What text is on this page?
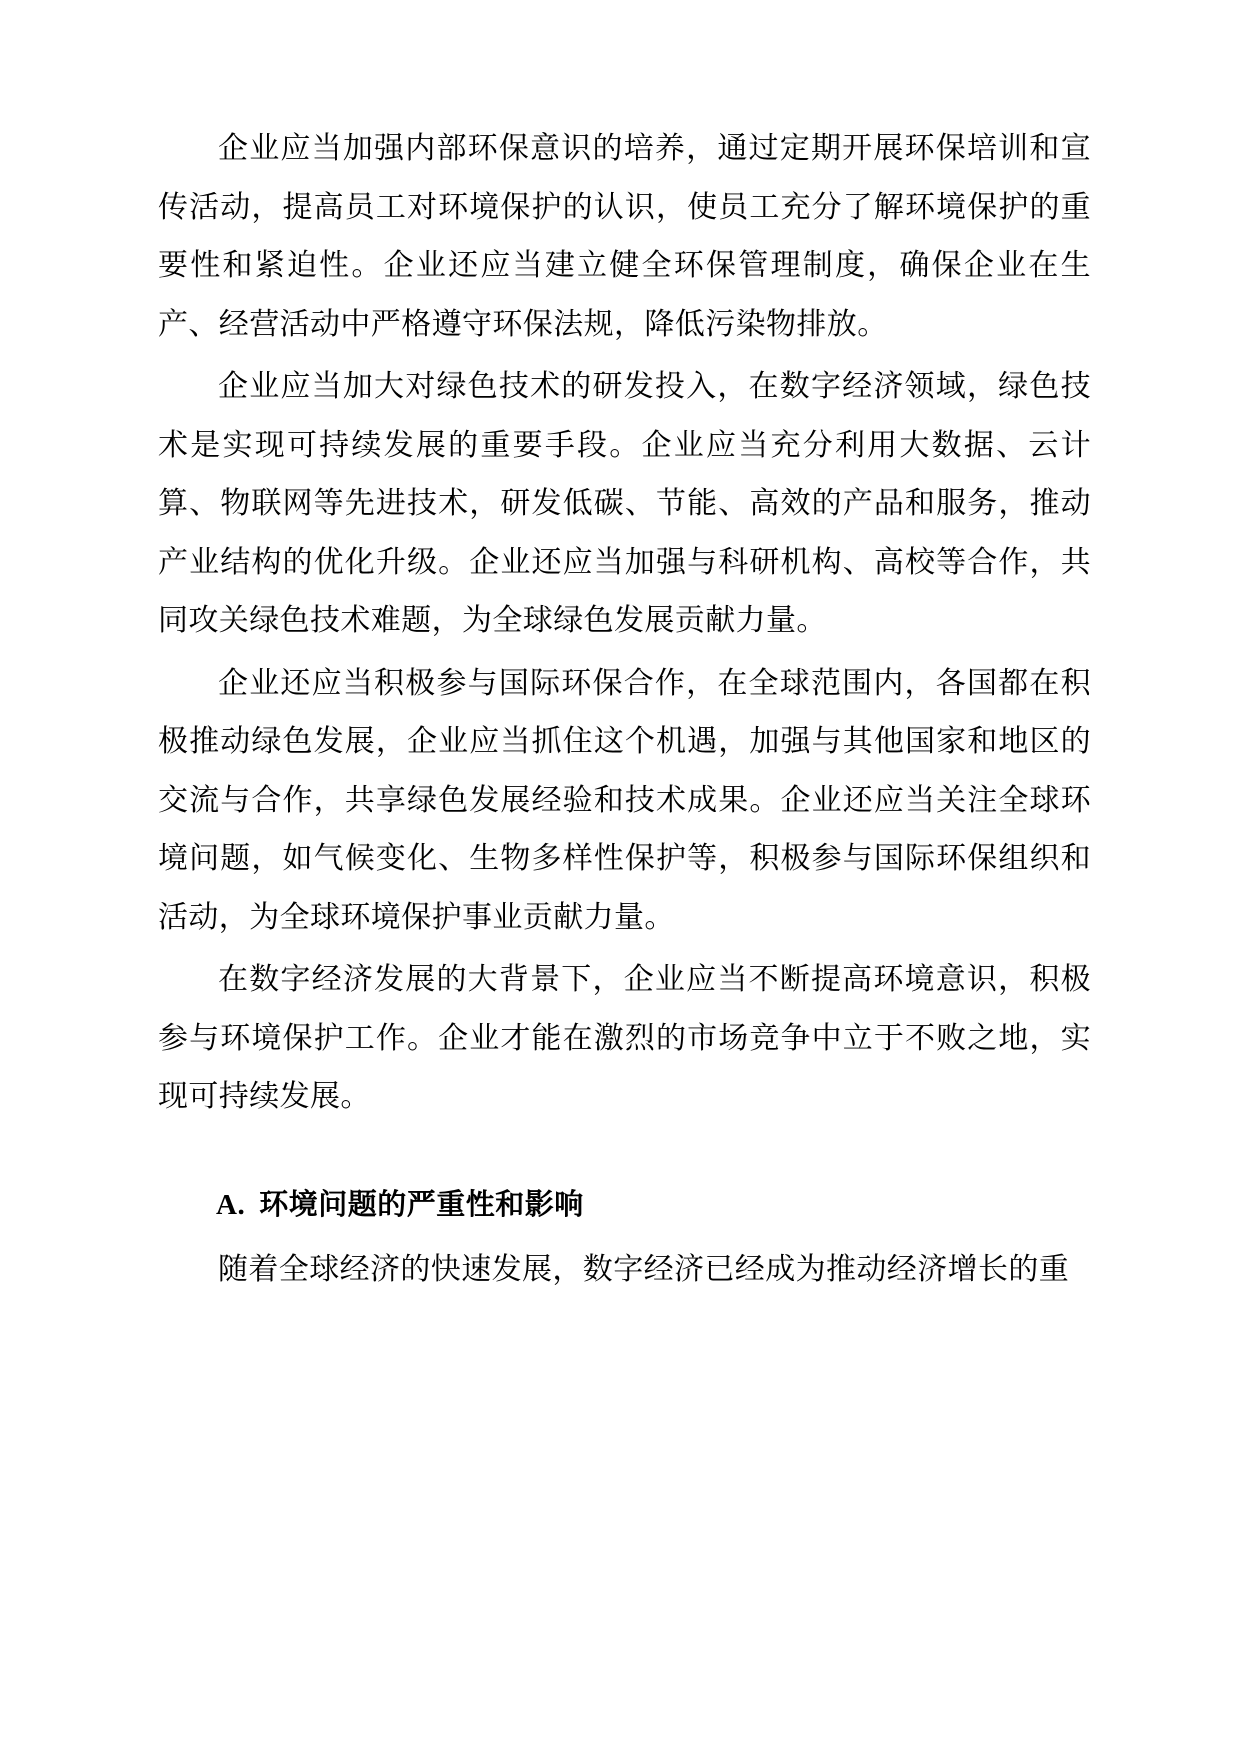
企业应当加强内部环保意识的培养，通过定期开展环保培训和宣传活动，提高员工对环境保护的认识，使员工充分了解环境保护的重要性和紧迫性。企业还应当建立健全环保管理制度，确保企业在生产、经营活动中严格遵守环保法规，降低污染物排放。

企业应当加大对绿色技术的研发投入，在数字经济领域，绿色技术是实现可持续发展的重要手段。企业应当充分利用大数据、云计算、物联网等先进技术，研发低碳、节能、高效的产品和服务，推动产业结构的优化升级。企业还应当加强与科研机构、高校等合作，共同攻关绿色技术难题，为全球绿色发展贡献力量。

企业还应当积极参与国际环保合作，在全球范围内，各国都在积极推动绿色发展，企业应当抓住这个机遇，加强与其他国家和地区的交流与合作，共享绿色发展经验和技术成果。企业还应当关注全球环境问题，如气候变化、生物多样性保护等，积极参与国际环保组织和活动，为全球环境保护事业贡献力量。

在数字经济发展的大背景下，企业应当不断提高环境意识，积极参与环境保护工作。企业才能在激烈的市场竞争中立于不败之地，实现可持续发展。

A. 环境问题的严重性和影响

随着全球经济的快速发展，数字经济已经成为推动经济增长的重
